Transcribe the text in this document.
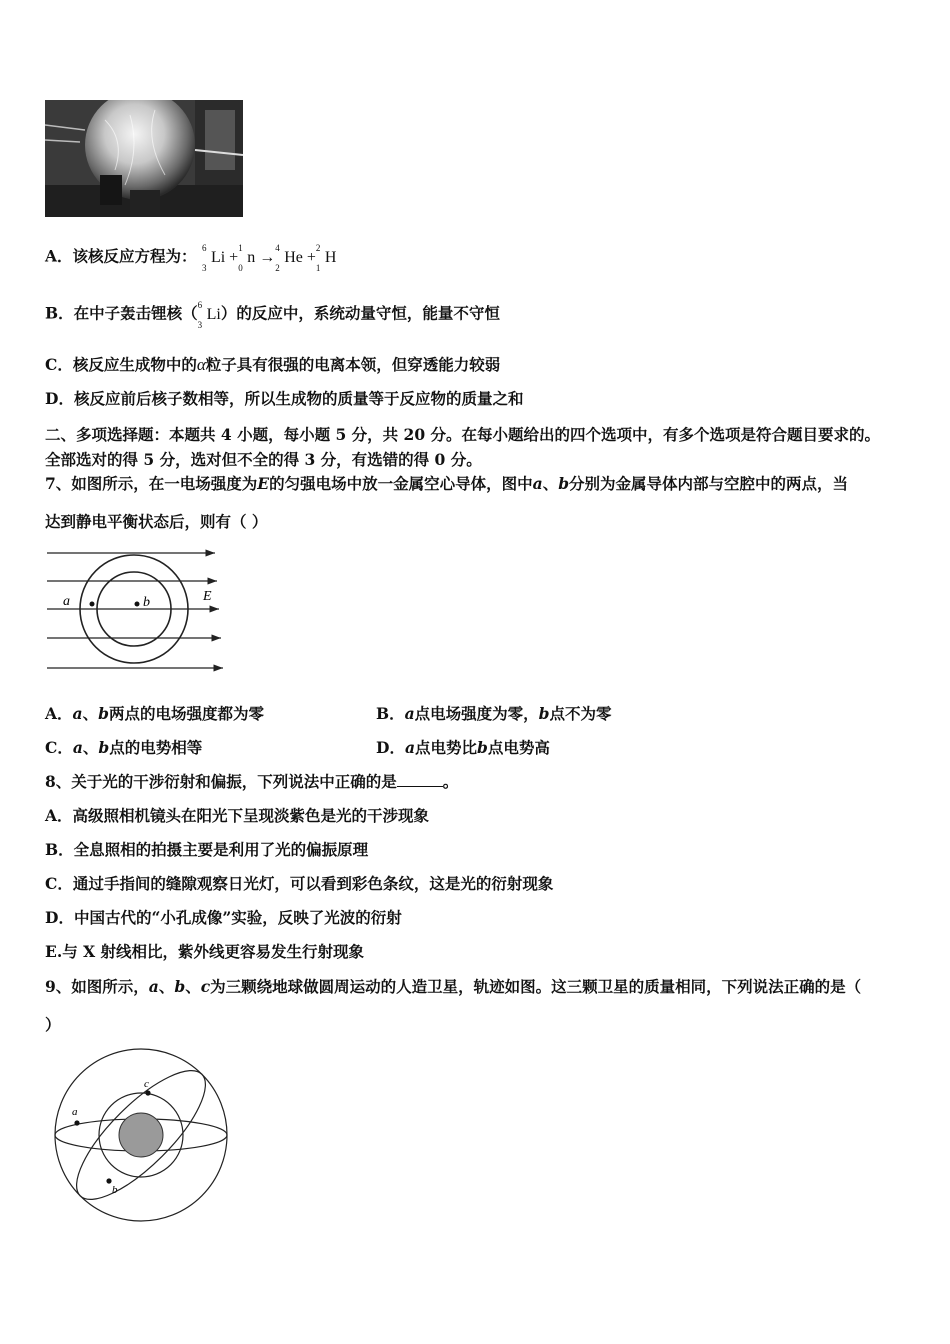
A．该核反应方程为： 6
3
Li +
1
0
n →
4
2
He +
2
1
H
B．在中子轰击锂核（ 6
3
Li）的反应中，系统动量守恒，能量不守恒
C．核反应生成物中的α粒子具有很强的电离本领，但穿透能力较弱
D．核反应前后核子数相等，所以生成物的质量等于反应物的质量之和
二、多项选择题：本题共 4 小题，每小题 5 分，共 20 分。在每小题给出的四个选项中，有多个选项是符合题目要求的。
全部选对的得 5 分，选对但不全的得 3 分，有选错的得 0 分。
7、如图所示，在一电场强度为E的匀强电场中放一金属空心导体，图中a、b分别为金属导体内部与空腔中的两点，当
达到静电平衡状态后，则有（ ）
a	b	E
A．a、b两点的电场强度都为零	B．a点电场强度为零，b点不为零
C．a、b点的电势相等	D．a点电势比b点电势高
8、关于光的干涉衍射和偏振，下列说法中正确的是	。
A．高级照相机镜头在阳光下呈现淡紫色是光的干涉现象
B．全息照相的拍摄主要是利用了光的偏振原理
C．通过手指间的缝隙观察日光灯，可以看到彩色条纹，这是光的衍射现象
D．中国古代的“小孔成像”实验，反映了光波的衍射
E.与 X 射线相比，紫外线更容易发生行射现象
9、如图所示，a、b、c为三颗绕地球做圆周运动的人造卫星，轨迹如图。这三颗卫星的质量相同，下列说法正确的是（
）
a
b
c
